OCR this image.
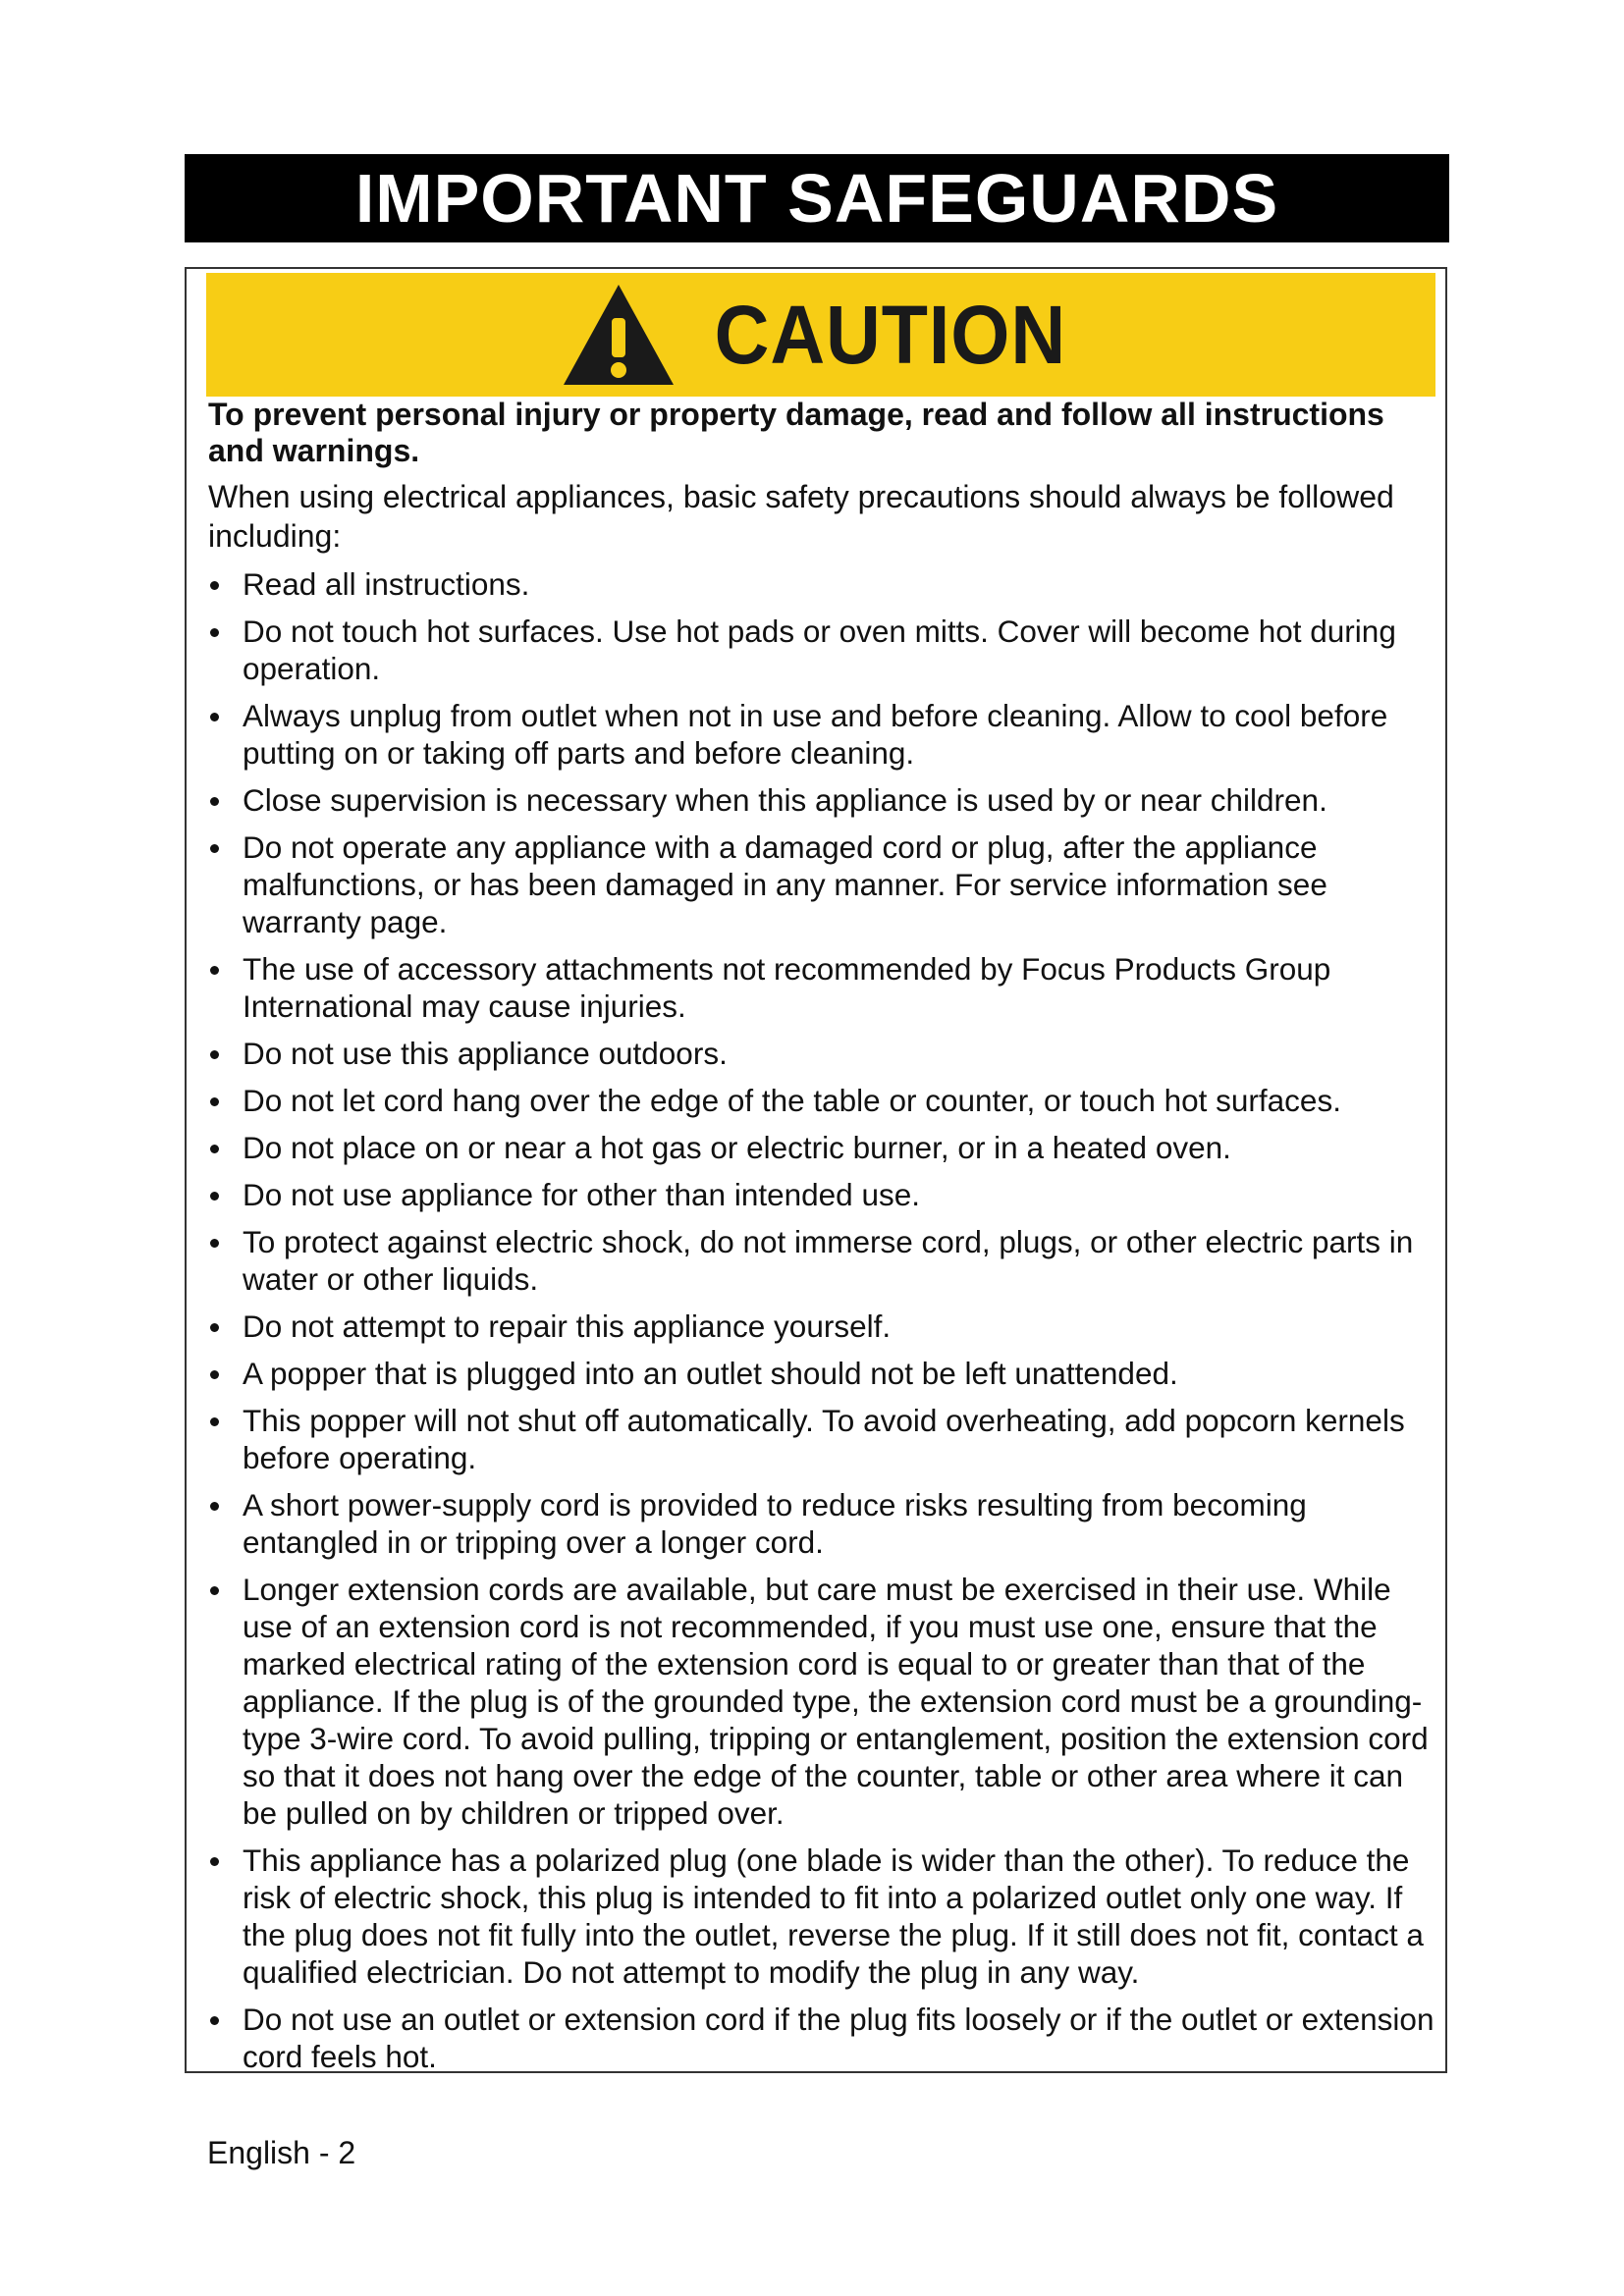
IMPORTANT SAFEGUARDS
CAUTION

To prevent personal injury or property damage, read and follow all instructions and warnings.

When using electrical appliances, basic safety precautions should always be followed including:

Read all instructions.
Do not touch hot surfaces. Use hot pads or oven mitts. Cover will become hot during operation.
Always unplug from outlet when not in use and before cleaning. Allow to cool before putting on or taking off parts and before cleaning.
Close supervision is necessary when this appliance is used by or near children.
Do not operate any appliance with a damaged cord or plug, after the appliance malfunctions, or has been damaged in any manner. For service information see warranty page.
The use of accessory attachments not recommended by Focus Products Group International may cause injuries.
Do not use this appliance outdoors.
Do not let cord hang over the edge of the table or counter, or touch hot surfaces.
Do not place on or near a hot gas or electric burner, or in a heated oven.
Do not use appliance for other than intended use.
To protect against electric shock, do not immerse cord, plugs, or other electric parts in water or other liquids.
Do not attempt to repair this appliance yourself.
A popper that is plugged into an outlet should not be left unattended.
This popper will not shut off automatically. To avoid overheating, add popcorn kernels before operating.
A short power-supply cord is provided to reduce risks resulting from becoming entangled in or tripping over a longer cord.
Longer extension cords are available, but care must be exercised in their use. While use of an extension cord is not recommended, if you must use one, ensure that the marked electrical rating of the extension cord is equal to or greater than that of the appliance. If the plug is of the grounded type, the extension cord must be a grounding-type 3-wire cord. To avoid pulling, tripping or entanglement, position the extension cord so that it does not hang over the edge of the counter, table or other area where it can be pulled on by children or tripped over.
This appliance has a polarized plug (one blade is wider than the other). To reduce the risk of electric shock, this plug is intended to fit into a polarized outlet only one way. If the plug does not fit fully into the outlet, reverse the plug. If it still does not fit, contact a qualified electrician. Do not attempt to modify the plug in any way.
Do not use an outlet or extension cord if the plug fits loosely or if the outlet or extension cord feels hot.
English - 2
